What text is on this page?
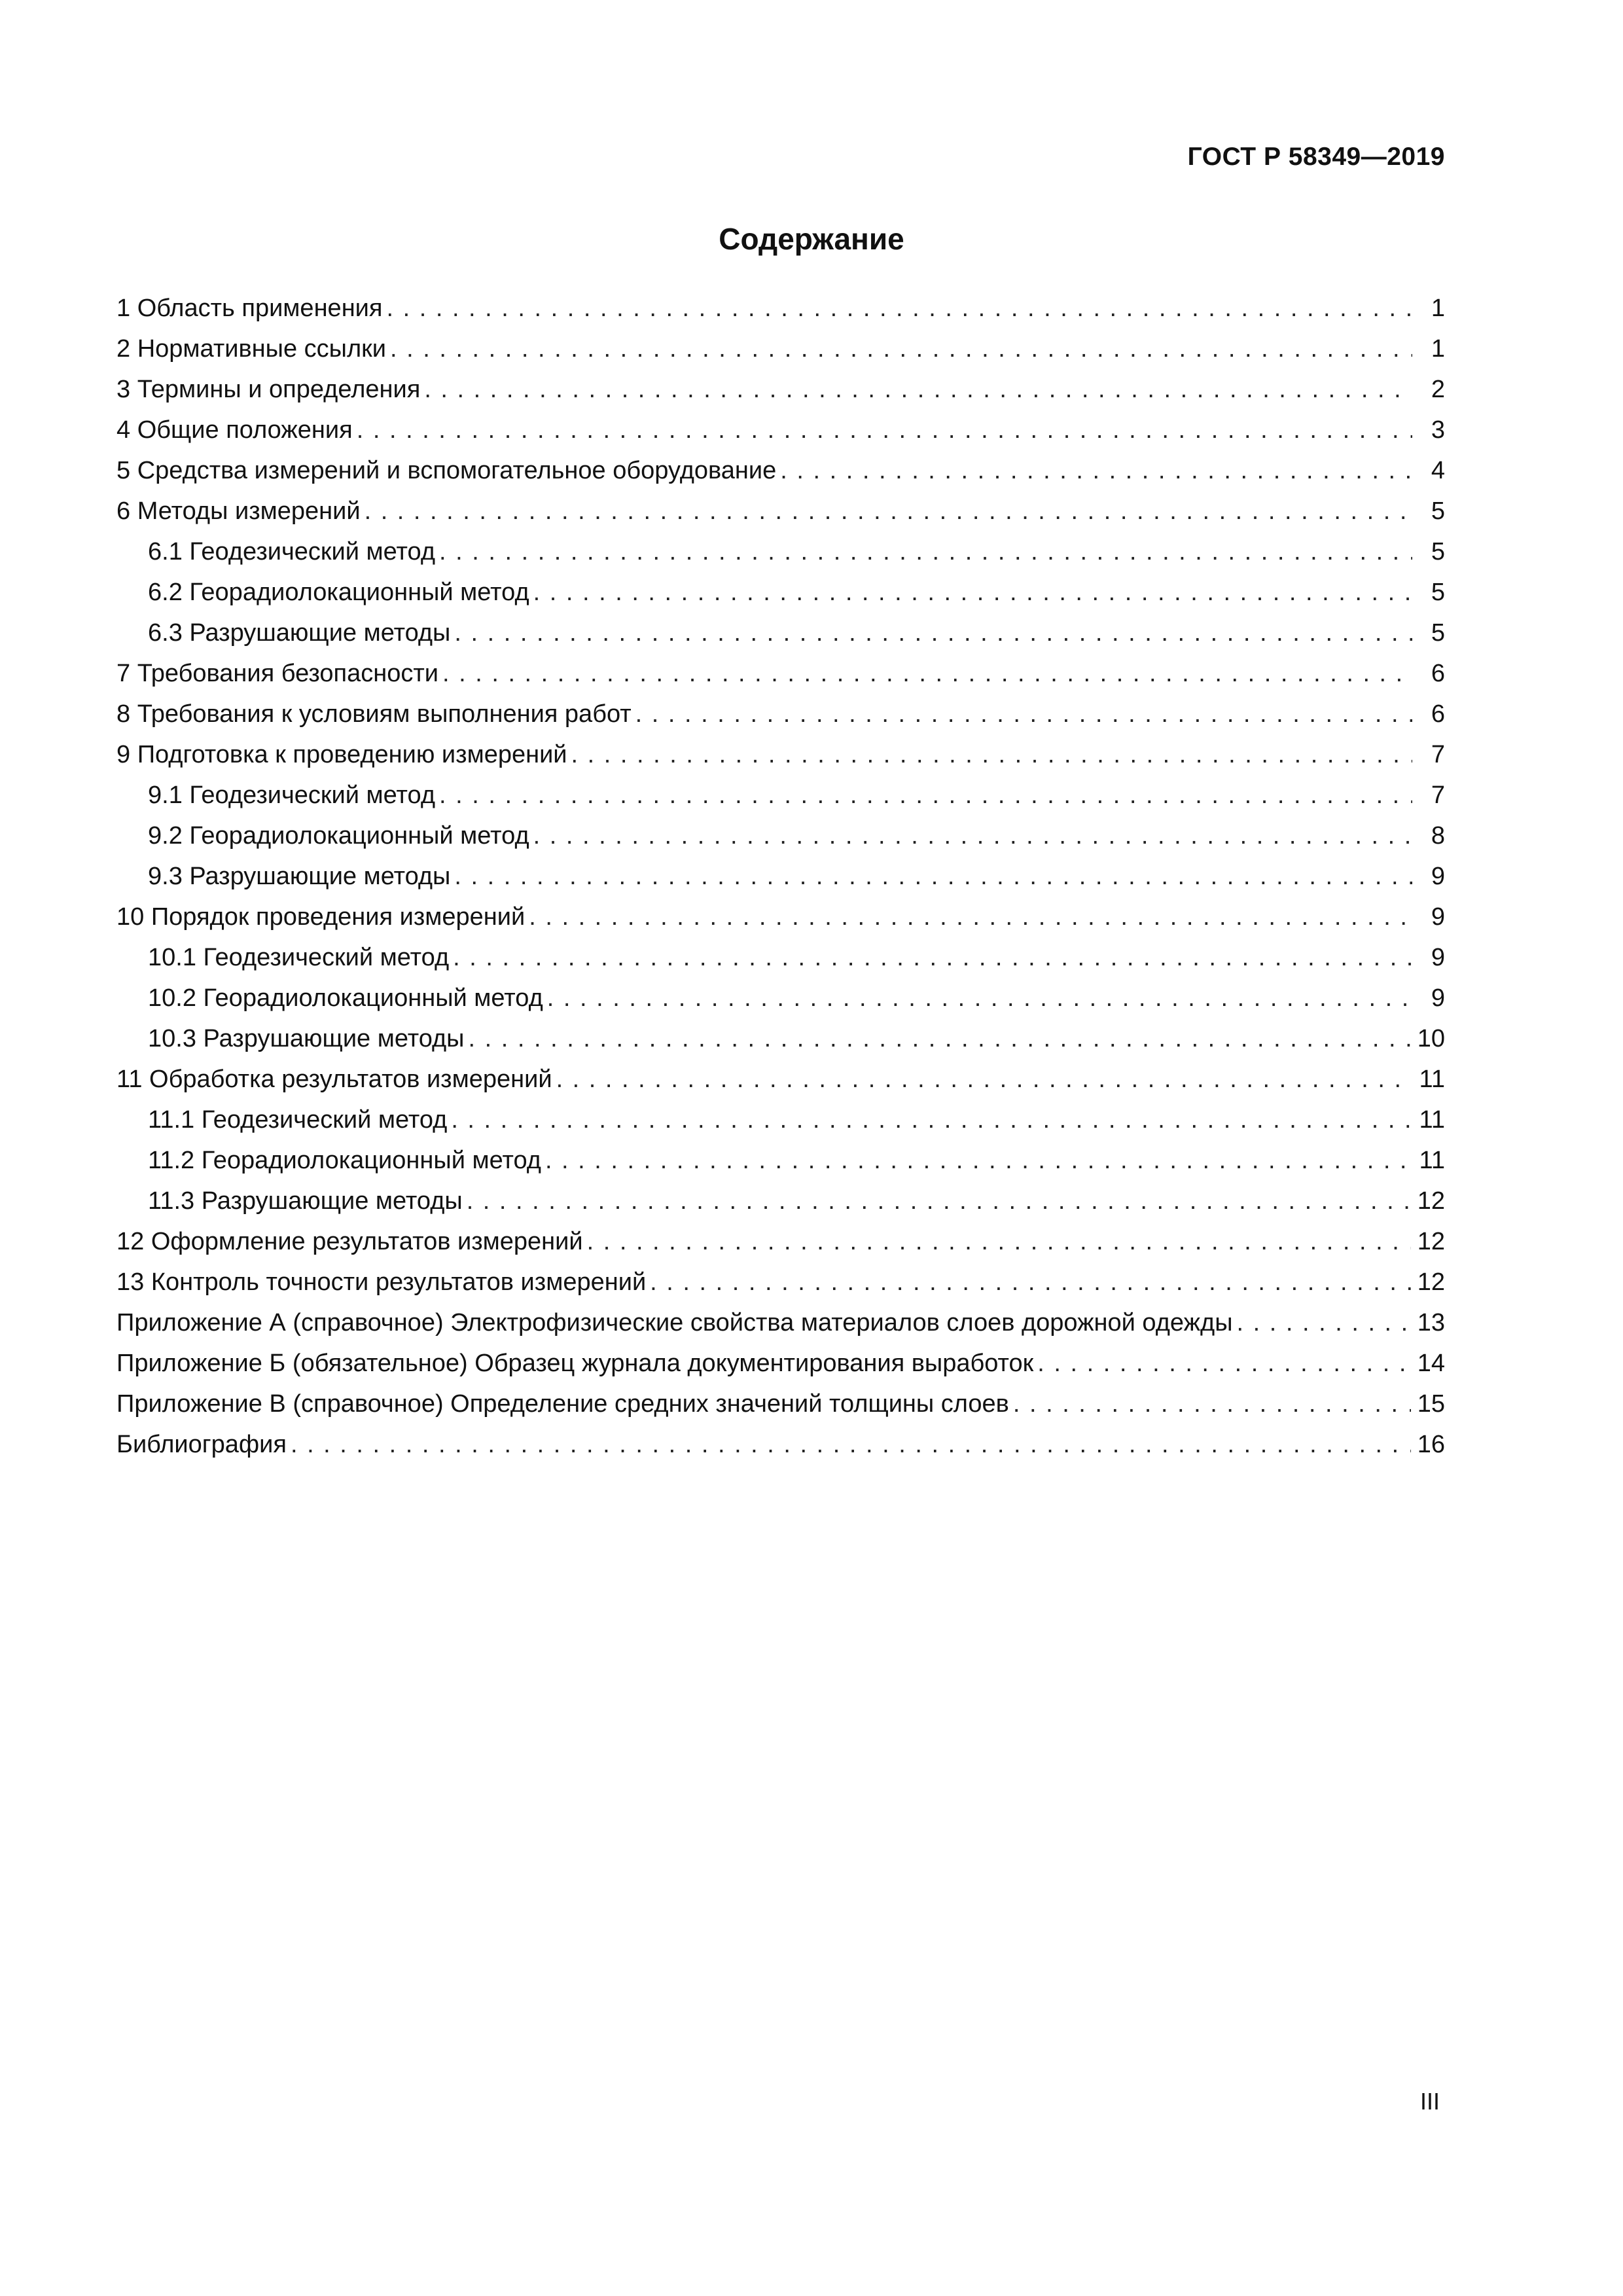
ГОСТ Р 58349—2019
Содержание
1 Область применения . . .	1
2 Нормативные ссылки . . .	1
3 Термины и определения . . .	2
4 Общие положения . . .	3
5 Средства измерений и вспомогательное оборудование . . .	4
6 Методы измерений . . .	5
6.1 Геодезический метод . . .	5
6.2 Георадиолокационный метод . . .	5
6.3 Разрушающие методы . . .	5
7 Требования безопасности . . .	6
8 Требования к условиям выполнения работ . . .	6
9 Подготовка к проведению измерений . . .	7
9.1 Геодезический метод . . .	7
9.2 Георадиолокационный метод . . .	8
9.3 Разрушающие методы . . .	9
10 Порядок проведения измерений . . .	9
10.1 Геодезический метод . . .	9
10.2 Георадиолокационный метод . . .	9
10.3 Разрушающие методы . . .	10
11 Обработка результатов измерений . . .	11
11.1 Геодезический метод . . .	11
11.2 Георадиолокационный метод . . .	11
11.3 Разрушающие методы . . .	12
12 Оформление результатов измерений . . .	12
13 Контроль точности результатов измерений . . .	12
Приложение А (справочное) Электрофизические свойства материалов слоев дорожной одежды . . .	13
Приложение Б (обязательное) Образец журнала документирования выработок . . .	14
Приложение В (справочное) Определение средних значений толщины слоев . . .	15
Библиография . . .	16
III
